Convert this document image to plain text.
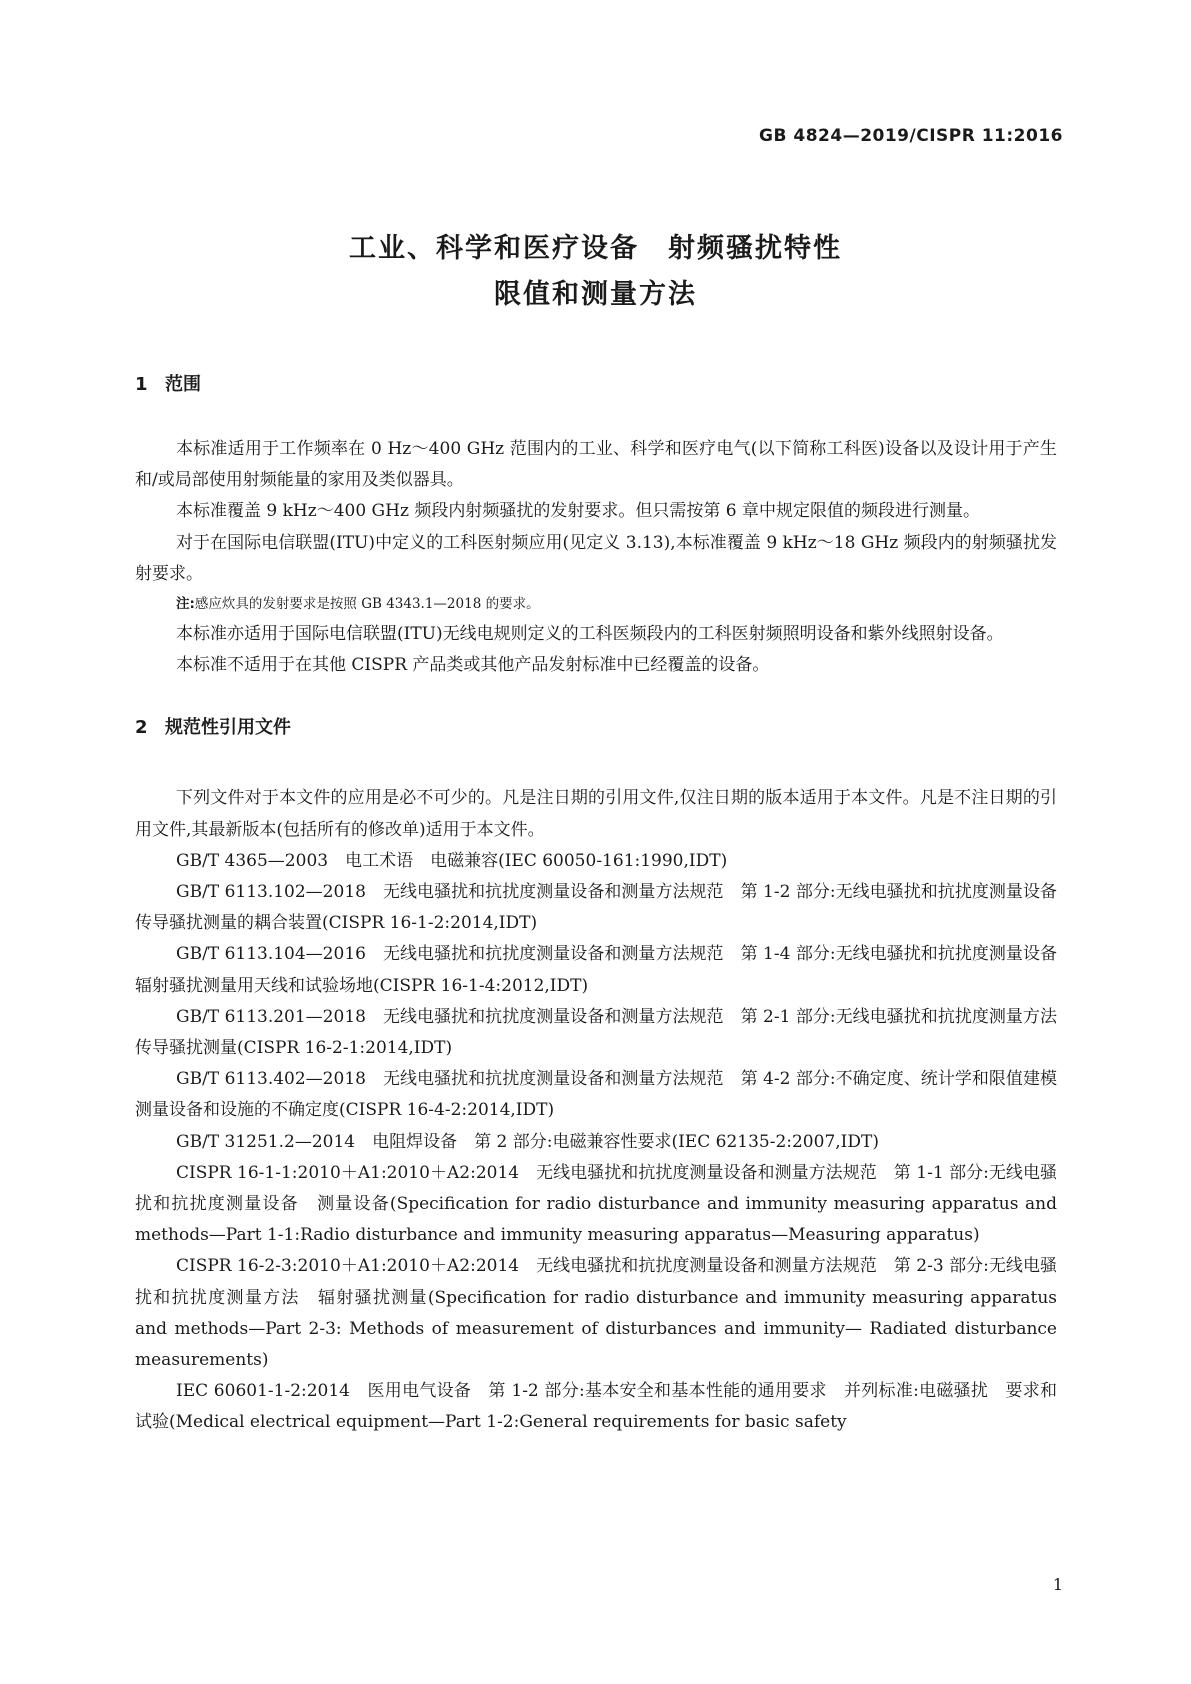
GB 4824—2019/CISPR 11:2016
工业、科学和医疗设备　射频骚扰特性
限值和测量方法
1 范围

本标准适用于工作频率在 0 Hz～400 GHz 范围内的工业、科学和医疗电气(以下简称工科医)设备以及设计用于产生和/或局部使用射频能量的家用及类似器具。

本标准覆盖 9 kHz～400 GHz 频段内射频骚扰的发射要求。但只需按第 6 章中规定限值的频段进行测量。

对于在国际电信联盟(ITU)中定义的工科医射频应用(见定义 3.13),本标准覆盖 9 kHz～18 GHz 频段内的射频骚扰发射要求。

注:感应炊具的发射要求是按照 GB 4343.1—2018 的要求。

本标准亦适用于国际电信联盟(ITU)无线电规则定义的工科医频段内的工科医射频照明设备和紫外线照射设备。

本标准不适用于在其他 CISPR 产品类或其他产品发射标准中已经覆盖的设备。

2 规范性引用文件

下列文件对于本文件的应用是必不可少的。凡是注日期的引用文件,仅注日期的版本适用于本文件。凡是不注日期的引用文件,其最新版本(包括所有的修改单)适用于本文件。

GB/T 4365—2003　电工术语　电磁兼容(IEC 60050-161:1990,IDT)

GB/T 6113.102—2018　无线电骚扰和抗扰度测量设备和测量方法规范　第 1-2 部分:无线电骚扰和抗扰度测量设备　传导骚扰测量的耦合装置(CISPR 16-1-2:2014,IDT)

GB/T 6113.104—2016　无线电骚扰和抗扰度测量设备和测量方法规范　第 1-4 部分:无线电骚扰和抗扰度测量设备　辐射骚扰测量用天线和试验场地(CISPR 16-1-4:2012,IDT)

GB/T 6113.201—2018　无线电骚扰和抗扰度测量设备和测量方法规范　第 2-1 部分:无线电骚扰和抗扰度测量方法　传导骚扰测量(CISPR 16-2-1:2014,IDT)

GB/T 6113.402—2018　无线电骚扰和抗扰度测量设备和测量方法规范　第 4-2 部分:不确定度、统计学和限值建模　测量设备和设施的不确定度(CISPR 16-4-2:2014,IDT)

GB/T 31251.2—2014　电阻焊设备　第 2 部分:电磁兼容性要求(IEC 62135-2:2007,IDT)

CISPR 16-1-1:2010＋A1:2010＋A2:2014　无线电骚扰和抗扰度测量设备和测量方法规范　第 1-1 部分:无线电骚扰和抗扰度测量设备　测量设备(Specification for radio disturbance and immunity measuring apparatus and methods—Part 1-1:Radio disturbance and immunity measuring apparatus—Measuring apparatus)

CISPR 16-2-3:2010＋A1:2010＋A2:2014　无线电骚扰和抗扰度测量设备和测量方法规范　第 2-3 部分:无线电骚扰和抗扰度测量方法　辐射骚扰测量(Specification for radio disturbance and immunity measuring apparatus and methods—Part 2-3: Methods of measurement of disturbances and immunity— Radiated disturbance measurements)

IEC 60601-1-2:2014　医用电气设备　第 1-2 部分:基本安全和基本性能的通用要求　并列标准:电磁骚扰　要求和试验(Medical electrical equipment—Part 1-2:General requirements for basic safety

1
